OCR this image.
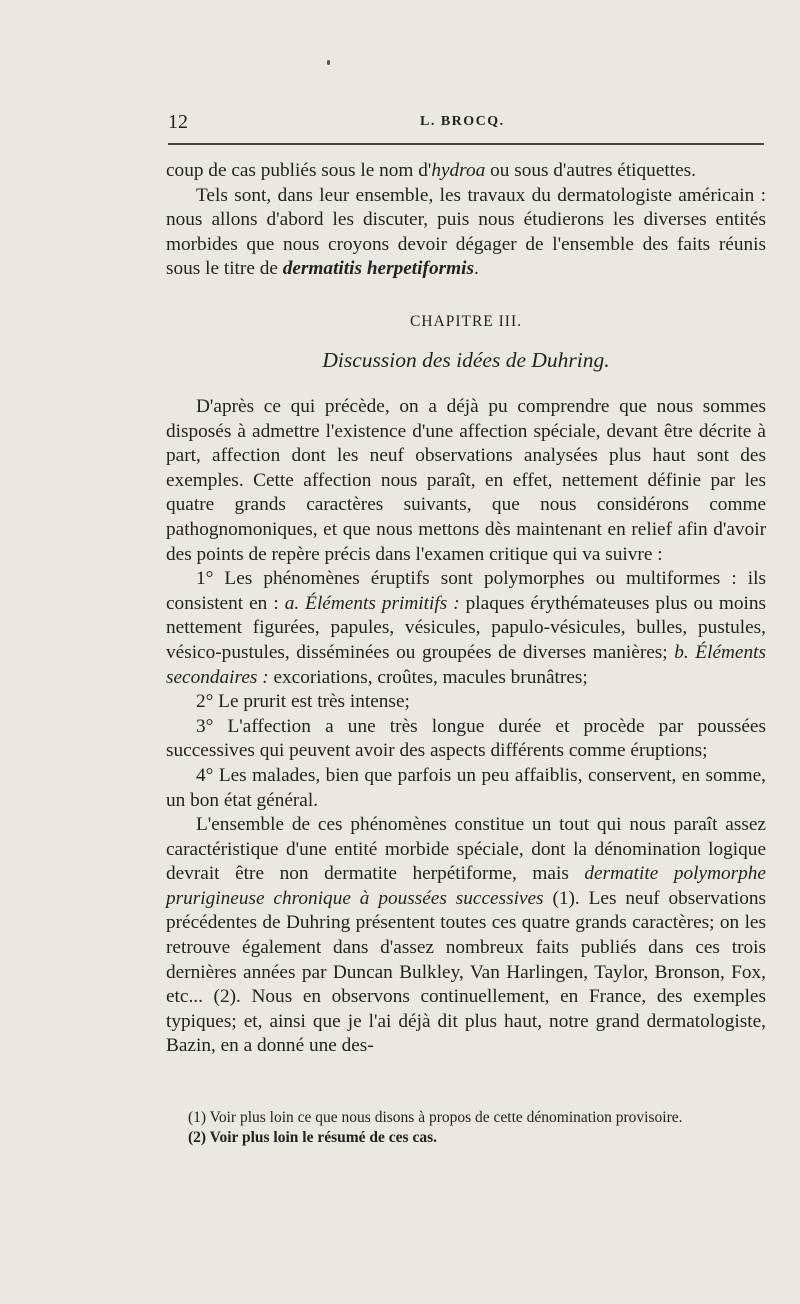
12	L. BROCQ.

coup de cas publiés sous le nom d'hydroa ou sous d'autres étiquettes.

Tels sont, dans leur ensemble, les travaux du dermatologiste américain : nous allons d'abord les discuter, puis nous étudierons les diverses entités morbides que nous croyons devoir dégager de l'ensemble des faits réunis sous le titre de dermatitis herpetiformis.

CHAPITRE III.
Discussion des idées de Duhring.

D'après ce qui précède, on a déjà pu comprendre que nous sommes disposés à admettre l'existence d'une affection spéciale, devant être décrite à part, affection dont les neuf observations analysées plus haut sont des exemples. Cette affection nous paraît, en effet, nettement définie par les quatre grands caractères suivants, que nous considérons comme pathognomoniques, et que nous mettons dès maintenant en relief afin d'avoir des points de repère précis dans l'examen critique qui va suivre :

1° Les phénomènes éruptifs sont polymorphes ou multiformes : ils consistent en : a. Éléments primitifs : plaques érythémateuses plus ou moins nettement figurées, papules, vésicules, papulo-vésicules, bulles, pustules, vésico-pustules, disséminées ou groupées de diverses manières; b. Éléments secondaires : excoriations, croûtes, macules brunâtres;

2° Le prurit est très intense;

3° L'affection a une très longue durée et procède par poussées successives qui peuvent avoir des aspects différents comme éruptions;

4° Les malades, bien que parfois un peu affaiblis, conservent, en somme, un bon état général.

L'ensemble de ces phénomènes constitue un tout qui nous paraît assez caractéristique d'une entité morbide spéciale, dont la dénomination logique devrait être non dermatite herpétiforme, mais dermatite polymorphe prurigineuse chronique à poussées successives (1). Les neuf observations précédentes de Duhring présentent toutes ces quatre grands caractères; on les retrouve également dans d'assez nombreux faits publiés dans ces trois dernières années par Duncan Bulkley, Van Harlingen, Taylor, Bronson, Fox, etc... (2). Nous en observons continuellement, en France, des exemples typiques; et, ainsi que je l'ai déjà dit plus haut, notre grand dermatologiste, Bazin, en a donné une des-

(1) Voir plus loin ce que nous disons à propos de cette dénomination provisoire.

(2) Voir plus loin le résumé de ces cas.
